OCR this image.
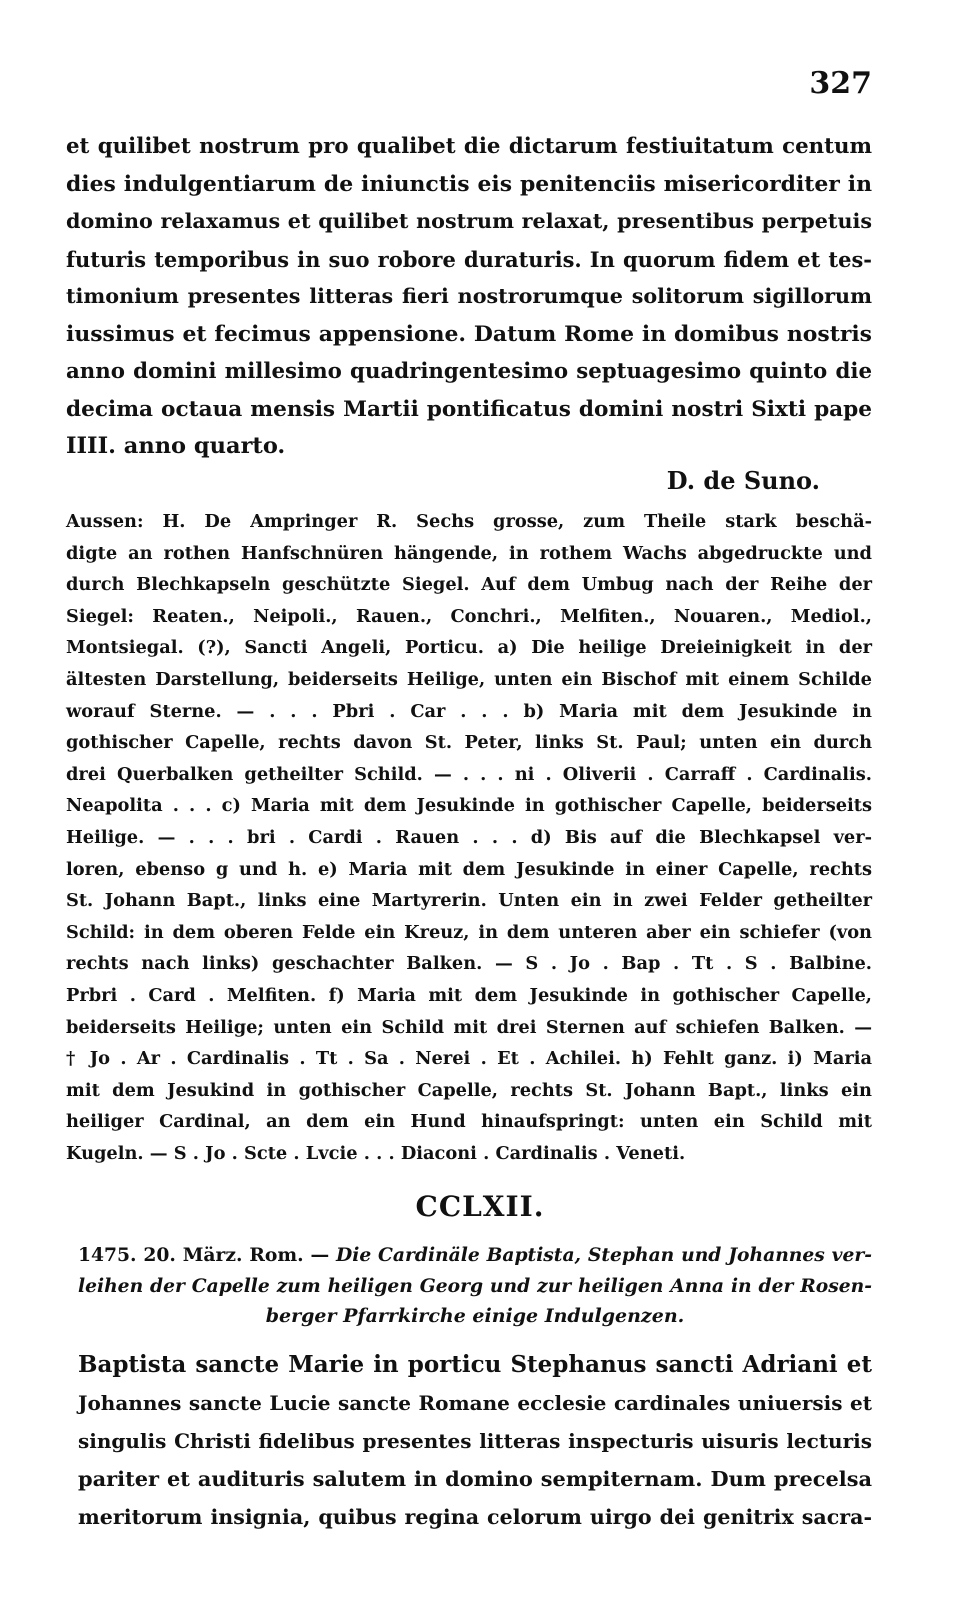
327
et quilibet nostrum pro qualibet die dictarum festiuitatum centum
dies indulgentiarum de iniunctis eis penitenciis misericorditer in
domino relaxamus et quilibet nostrum relaxat, presentibus perpetuis
futuris temporibus in suo robore duraturis. In quorum fidem et tes-
timonium presentes litteras fieri nostrorumque solitorum sigillorum
iussimus et fecimus appensione. Datum Rome in domibus nostris
anno domini millesimo quadringentesimo septuagesimo quinto die
decima octaua mensis Martii pontificatus domini nostri Sixti pape
IIII. anno quarto.
D. de Suno.
Aussen: H. De Ampringer R. Sechs grosse, zum Theile stark beschä-
digte an rothen Hanfschnüren hängende, in rothem Wachs abgedruckte und
durch Blechkapseln geschützte Siegel. Auf dem Umbug nach der Reihe der
Siegel: Reaten., Neipoli., Rauen., Conchri., Melfiten., Nouaren., Mediol.,
Montsiegal. (?), Sancti Angeli, Porticu. a) Die heilige Dreieinigkeit in der
ältesten Darstellung, beiderseits Heilige, unten ein Bischof mit einem Schilde
worauf Sterne. — . . . Pbri . Car . . . b) Maria mit dem Jesukinde in
gothischer Capelle, rechts davon St. Peter, links St. Paul; unten ein durch
drei Querbalken getheilter Schild. — . . . ni . Oliverii . Carraff . Cardinalis.
Neapolita . . . c) Maria mit dem Jesukinde in gothischer Capelle, beiderseits
Heilige. — . . . bri . Cardi . Rauen . . . d) Bis auf die Blechkapsel ver-
loren, ebenso g und h. e) Maria mit dem Jesukinde in einer Capelle, rechts
St. Johann Bapt., links eine Martyrerin. Unten ein in zwei Felder getheilter
Schild: in dem oberen Felde ein Kreuz, in dem unteren aber ein schiefer (von
rechts nach links) geschachter Balken. — S . Jo . Bap . Tt . S . Balbine.
Prbri . Card . Melfiten. f) Maria mit dem Jesukinde in gothischer Capelle,
beiderseits Heilige; unten ein Schild mit drei Sternen auf schiefen Balken. —
† Jo . Ar . Cardinalis . Tt . Sa . Nerei . Et . Achilei. h) Fehlt ganz. i) Maria
mit dem Jesukind in gothischer Capelle, rechts St. Johann Bapt., links ein
heiliger Cardinal, an dem ein Hund hinaufspringt: unten ein Schild mit
Kugeln. — S . Jo . Scte . Lvcie . . . Diaconi . Cardinalis . Veneti.
CCLXII.
1475. 20. März. Rom. — Die Cardinäle Baptista, Stephan und Johannes ver-
leihen der Capelle zum heiligen Georg und zur heiligen Anna in der Rosen-
berger Pfarrkirche einige Indulgenzen.
Baptista sancte Marie in porticu Stephanus sancti Adriani et
Johannes sancte Lucie sancte Romane ecclesie cardinales uniuersis et
singulis Christi fidelibus presentes litteras inspecturis uisuris lecturis
pariter et audituris salutem in domino sempiternam. Dum precelsa
meritorum insignia, quibus regina celorum uirgo dei genitrix sacra-
